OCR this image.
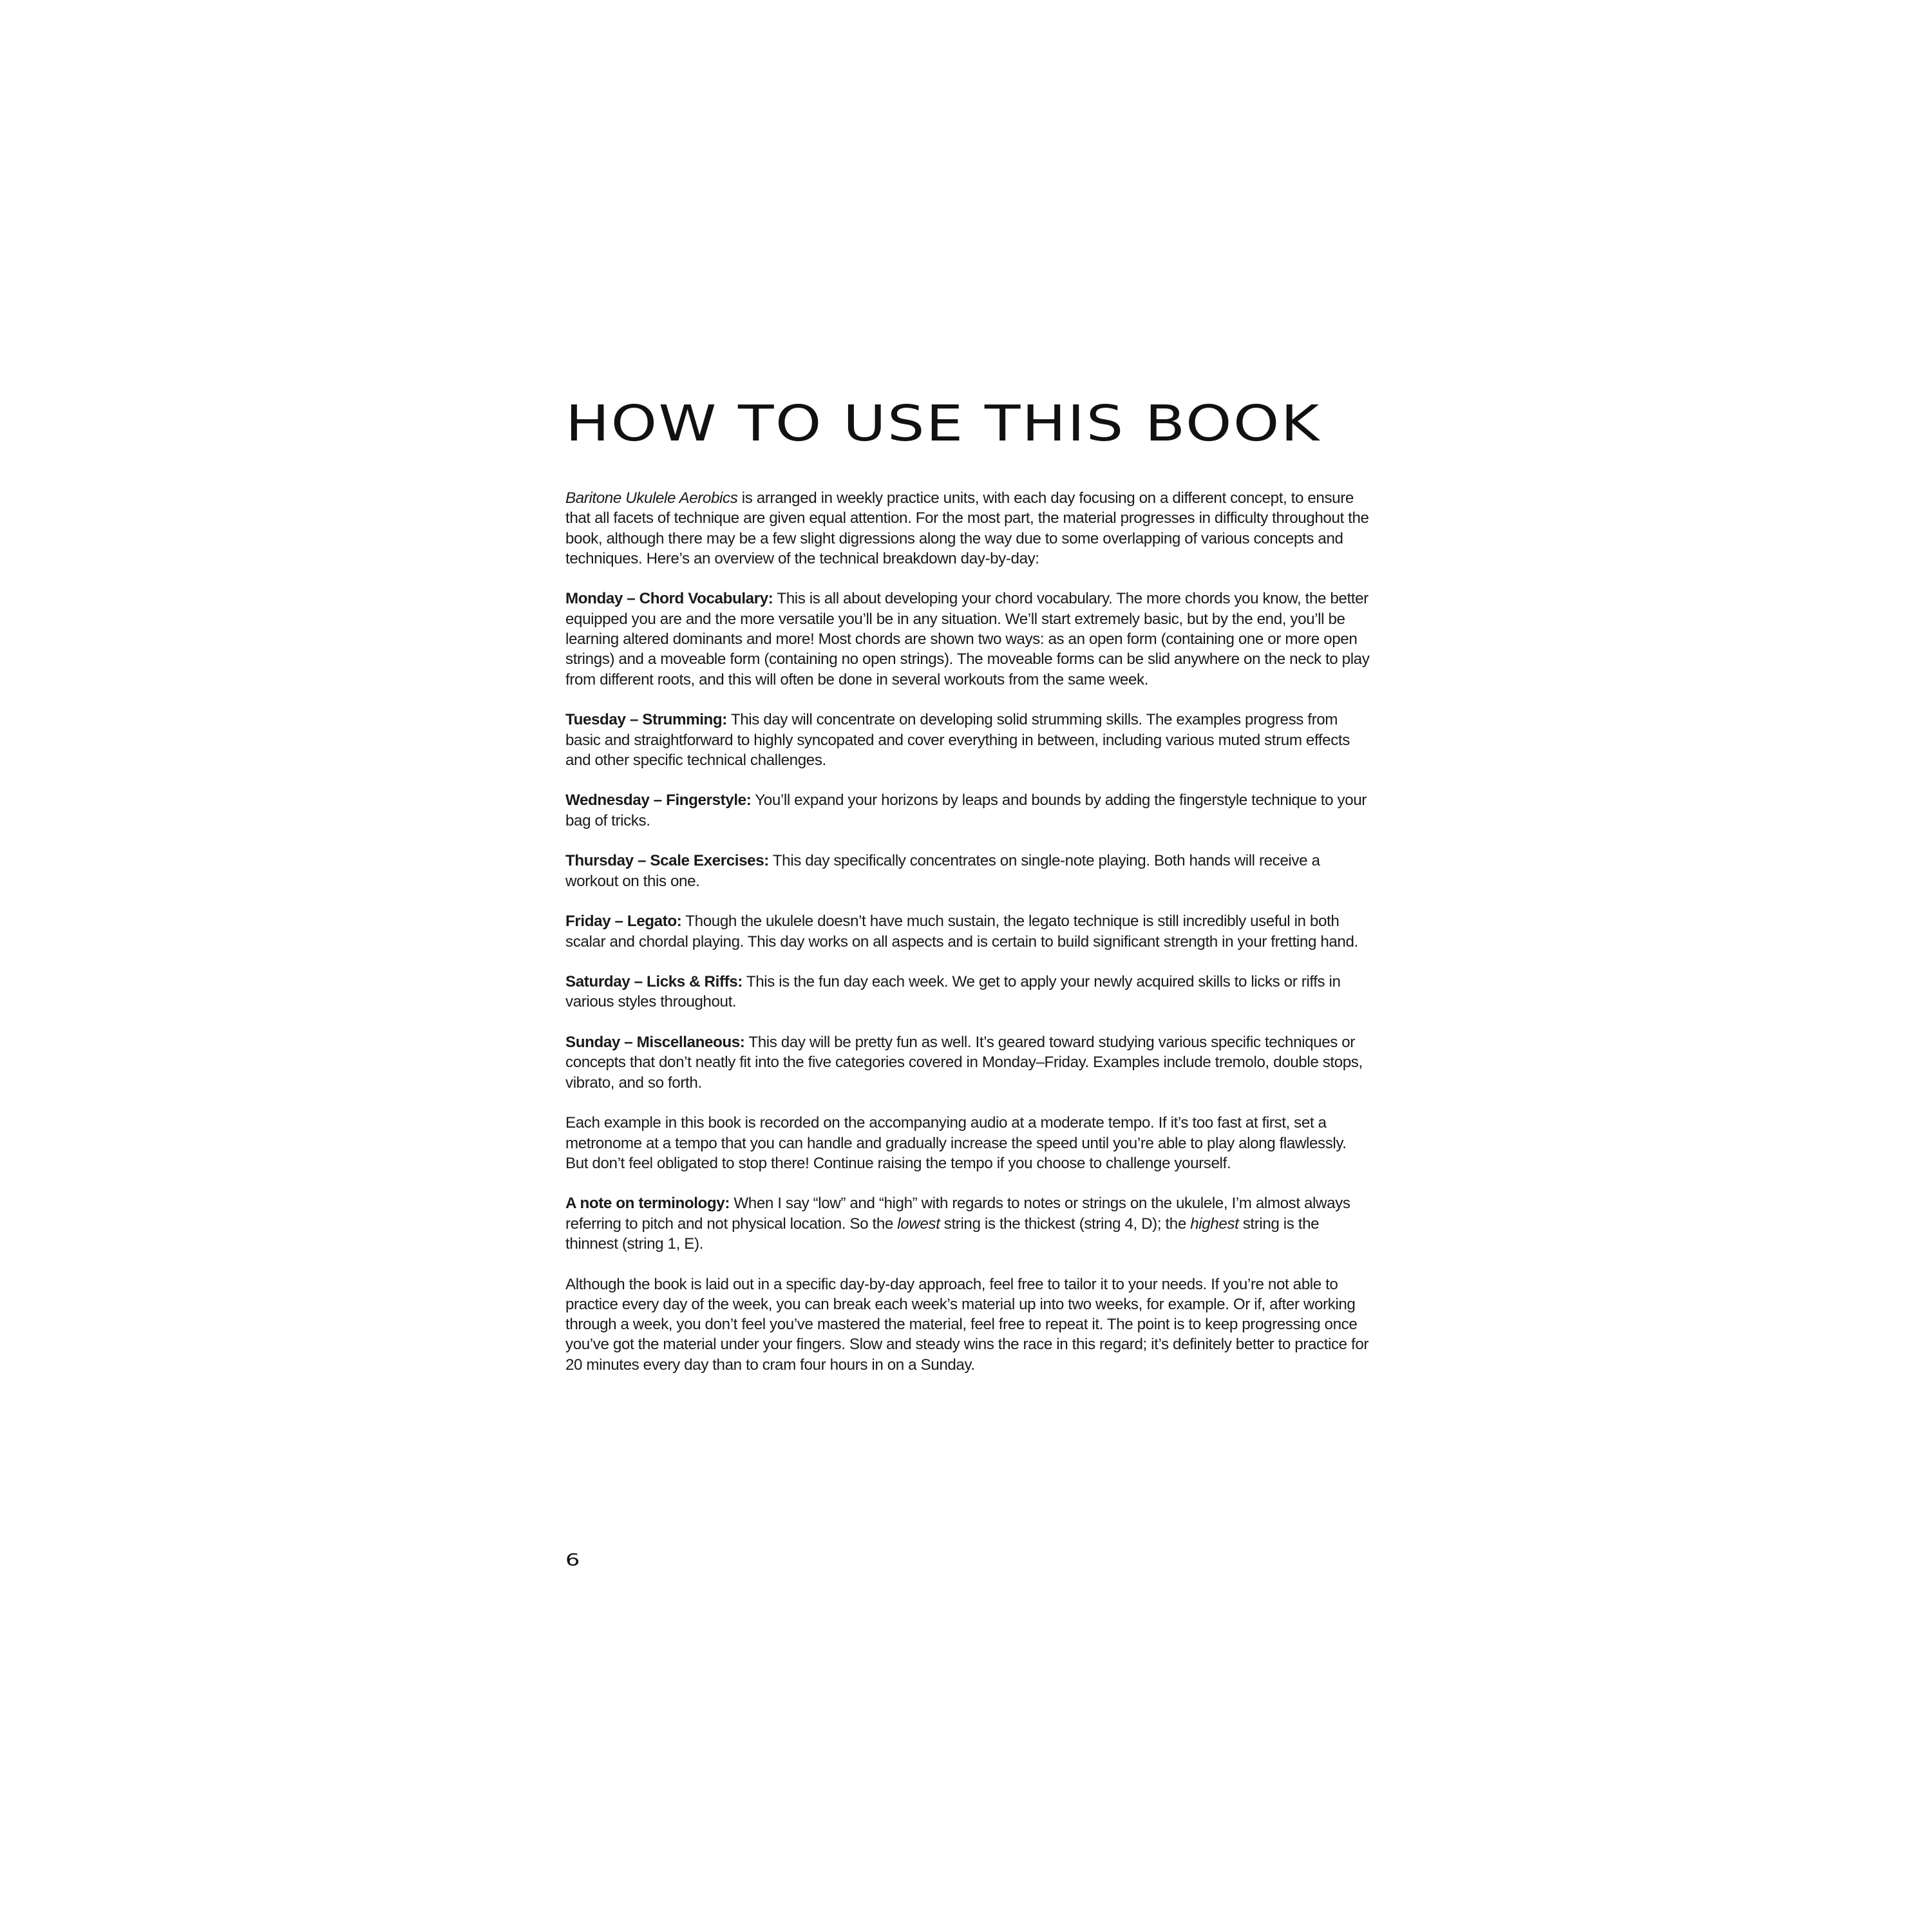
HOW TO USE THIS BOOK

Baritone Ukulele Aerobics is arranged in weekly practice units, with each day focusing on a different concept, to ensure that all facets of technique are given equal attention. For the most part, the material progresses in difficulty throughout the book, although there may be a few slight digressions along the way due to some overlapping of various concepts and techniques. Here’s an overview of the technical breakdown day-by-day:

Monday – Chord Vocabulary: This is all about developing your chord vocabulary. The more chords you know, the better equipped you are and the more versatile you’ll be in any situation. We’ll start extremely basic, but by the end, you’ll be learning altered dominants and more! Most chords are shown two ways: as an open form (containing one or more open strings) and a moveable form (containing no open strings). The moveable forms can be slid anywhere on the neck to play from different roots, and this will often be done in several workouts from the same week.

Tuesday – Strumming: This day will concentrate on developing solid strumming skills. The examples progress from basic and straightforward to highly syncopated and cover everything in between, including various muted strum effects and other specific technical challenges.

Wednesday – Fingerstyle: You’ll expand your horizons by leaps and bounds by adding the fingerstyle technique to your bag of tricks.

Thursday – Scale Exercises: This day specifically concentrates on single-note playing. Both hands will receive a workout on this one.

Friday – Legato: Though the ukulele doesn’t have much sustain, the legato technique is still incredibly useful in both scalar and chordal playing. This day works on all aspects and is certain to build significant strength in your fretting hand.

Saturday – Licks & Riffs: This is the fun day each week. We get to apply your newly acquired skills to licks or riffs in various styles throughout.

Sunday – Miscellaneous: This day will be pretty fun as well. It’s geared toward studying various specific techniques or concepts that don’t neatly fit into the five categories covered in Monday–Friday. Examples include tremolo, double stops, vibrato, and so forth.

Each example in this book is recorded on the accompanying audio at a moderate tempo. If it’s too fast at first, set a metronome at a tempo that you can handle and gradually increase the speed until you’re able to play along flawlessly. But don’t feel obligated to stop there! Continue raising the tempo if you choose to challenge yourself.

A note on terminology: When I say “low” and “high” with regards to notes or strings on the ukulele, I’m almost always referring to pitch and not physical location. So the lowest string is the thickest (string 4, D); the highest string is the thinnest (string 1, E).

Although the book is laid out in a specific day-by-day approach, feel free to tailor it to your needs. If you’re not able to practice every day of the week, you can break each week’s material up into two weeks, for example. Or if, after working through a week, you don’t feel you’ve mastered the material, feel free to repeat it. The point is to keep progressing once you’ve got the material under your fingers. Slow and steady wins the race in this regard; it’s definitely better to practice for 20 minutes every day than to cram four hours in on a Sunday.

6
